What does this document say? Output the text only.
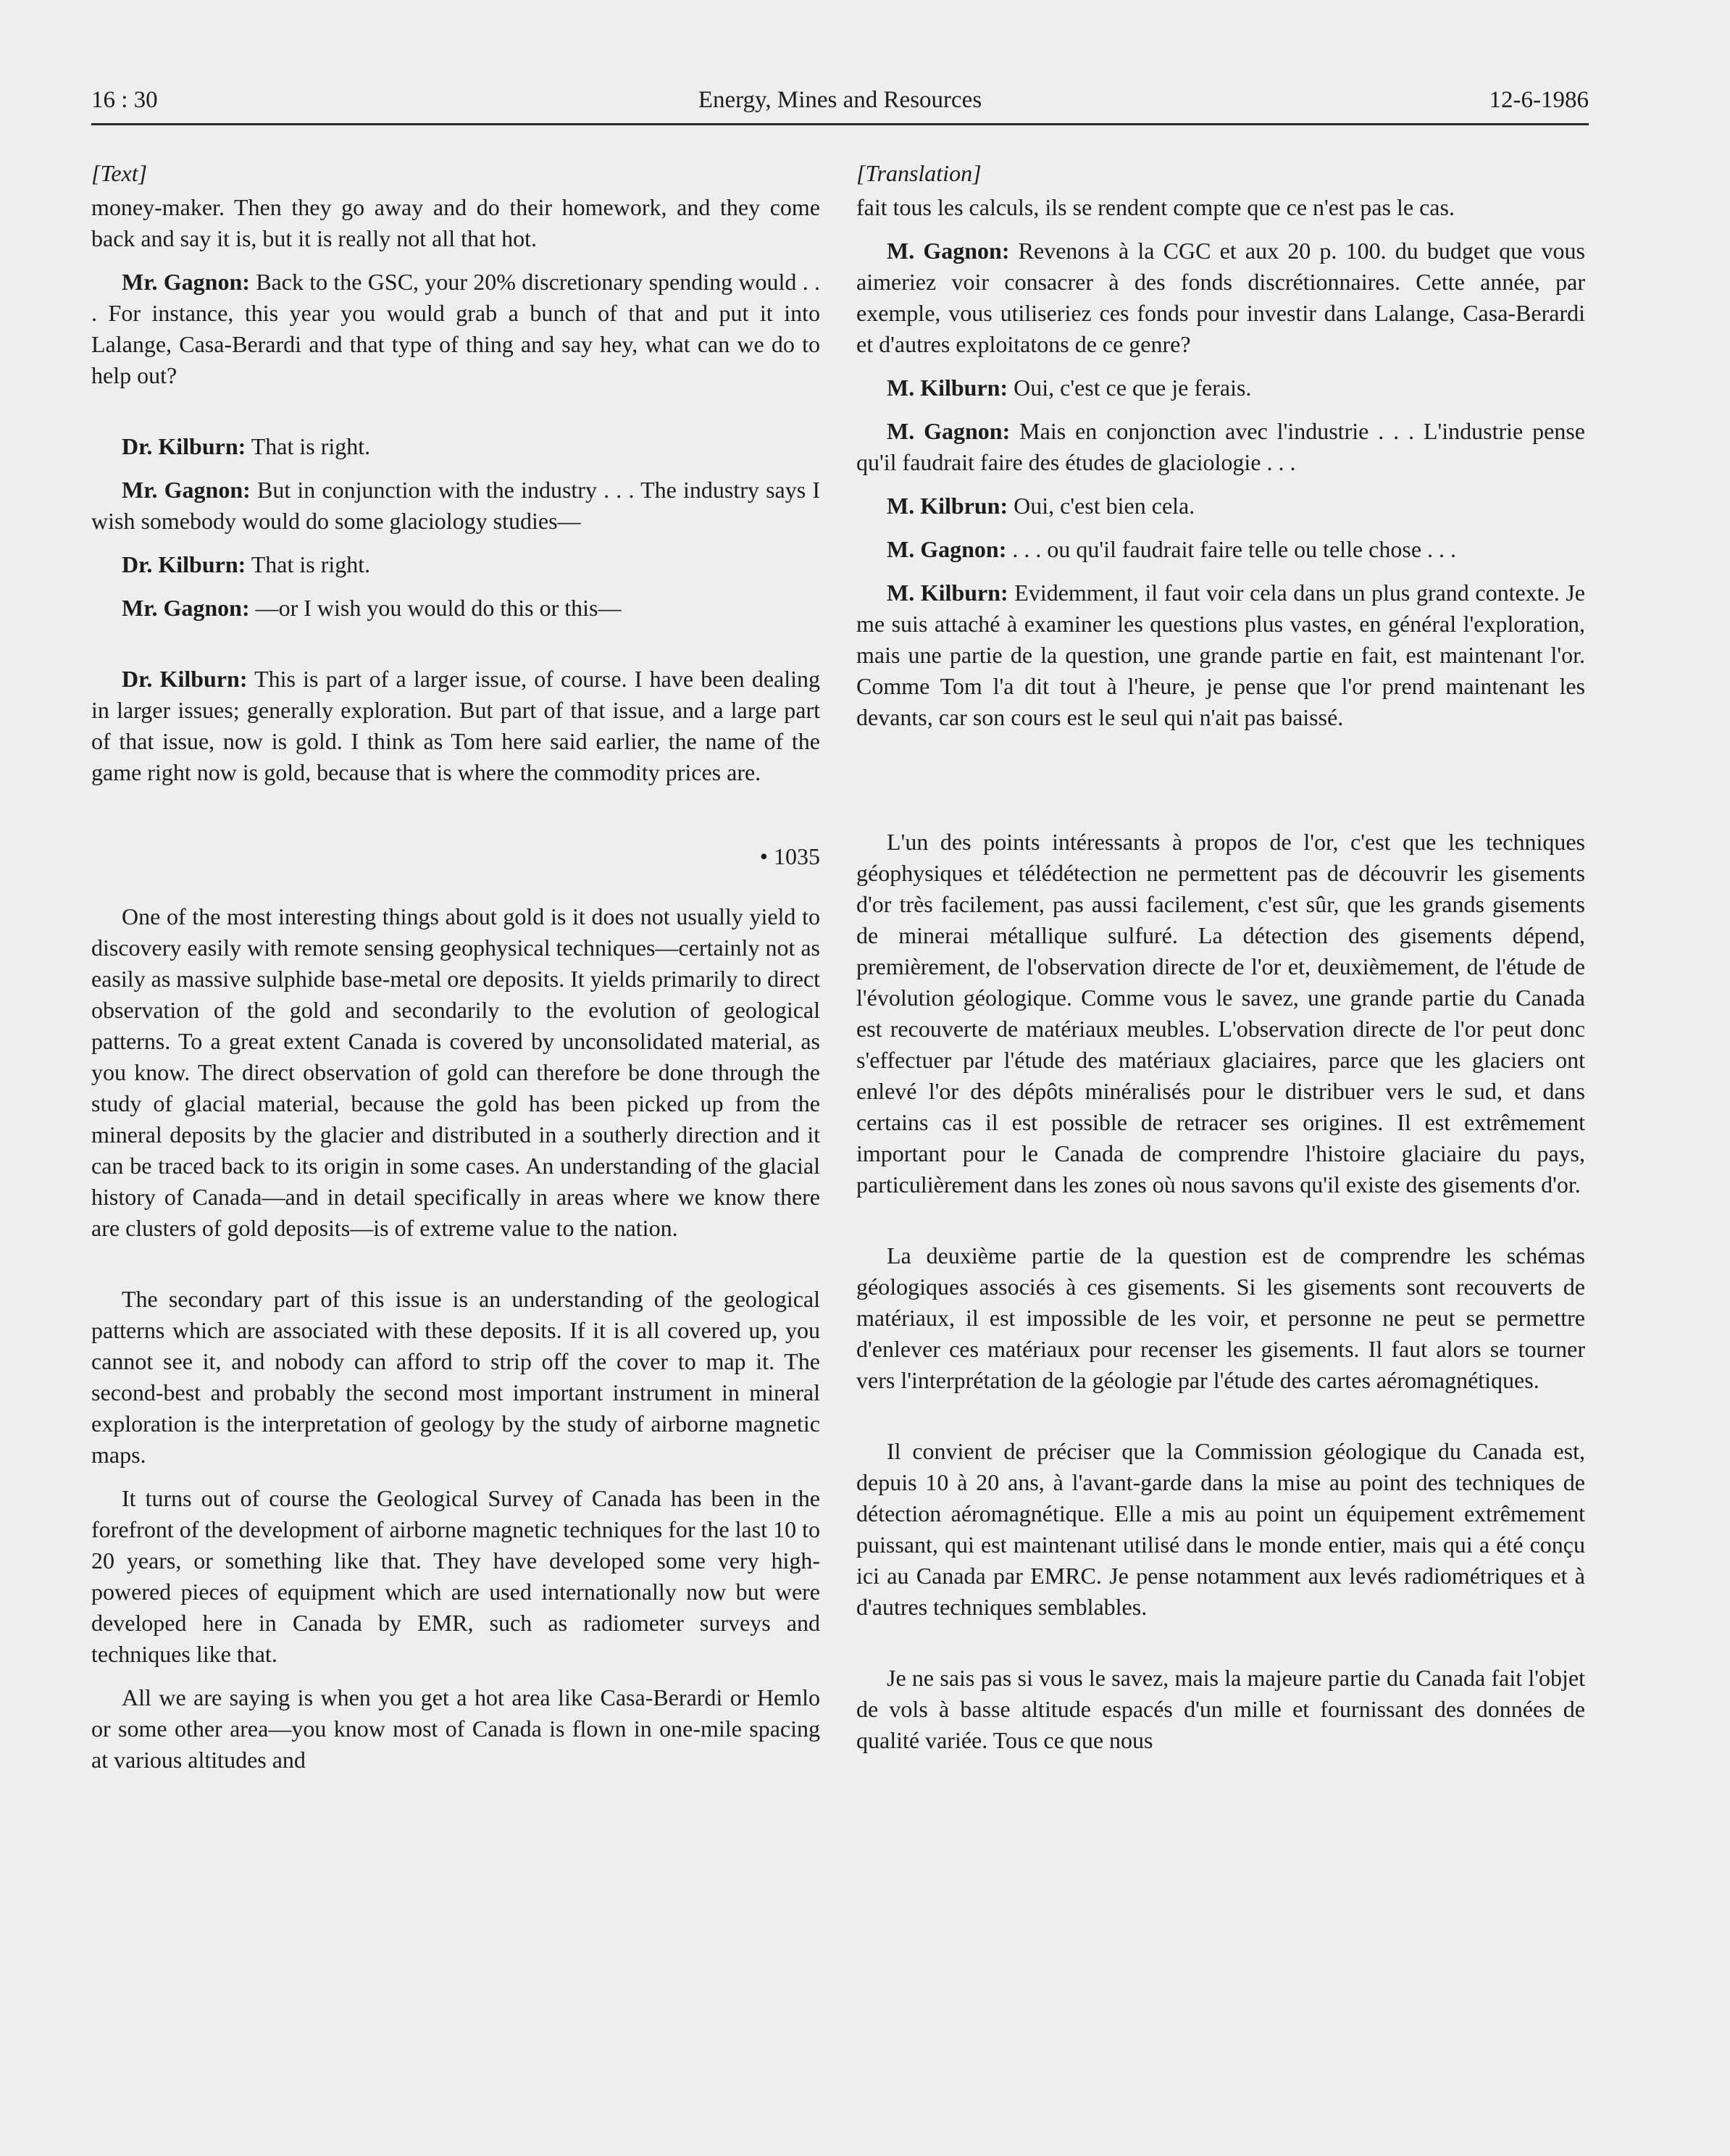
16 : 30	Energy, Mines and Resources	12-6-1986

[Text]

money-maker. Then they go away and do their homework, and they come back and say it is, but it is really not all that hot.

Mr. Gagnon: Back to the GSC, your 20% discretionary spending would . . . For instance, this year you would grab a bunch of that and put it into Lalange, Casa-Berardi and that type of thing and say hey, what can we do to help out?

Dr. Kilburn: That is right.

Mr. Gagnon: But in conjunction with the industry . . . The industry says I wish somebody would do some glaciology studies—

Dr. Kilburn: That is right.

Mr. Gagnon: —or I wish you would do this or this—

Dr. Kilburn: This is part of a larger issue, of course. I have been dealing in larger issues; generally exploration. But part of that issue, and a large part of that issue, now is gold. I think as Tom here said earlier, the name of the game right now is gold, because that is where the commodity prices are.

• 1035

One of the most interesting things about gold is it does not usually yield to discovery easily with remote sensing geophysical techniques—certainly not as easily as massive sulphide base-metal ore deposits. It yields primarily to direct observation of the gold and secondarily to the evolution of geological patterns. To a great extent Canada is covered by unconsolidated material, as you know. The direct observation of gold can therefore be done through the study of glacial material, because the gold has been picked up from the mineral deposits by the glacier and distributed in a southerly direction and it can be traced back to its origin in some cases. An understanding of the glacial history of Canada—and in detail specifically in areas where we know there are clusters of gold deposits—is of extreme value to the nation.

The secondary part of this issue is an understanding of the geological patterns which are associated with these deposits. If it is all covered up, you cannot see it, and nobody can afford to strip off the cover to map it. The second-best and probably the second most important instrument in mineral exploration is the interpretation of geology by the study of airborne magnetic maps.

It turns out of course the Geological Survey of Canada has been in the forefront of the development of airborne magnetic techniques for the last 10 to 20 years, or something like that. They have developed some very high-powered pieces of equipment which are used internationally now but were developed here in Canada by EMR, such as radiometer surveys and techniques like that.

All we are saying is when you get a hot area like Casa-Berardi or Hemlo or some other area—you know most of Canada is flown in one-mile spacing at various altitudes and

[Translation]

fait tous les calculs, ils se rendent compte que ce n'est pas le cas.

M. Gagnon: Revenons à la CGC et aux 20 p. 100. du budget que vous aimeriez voir consacrer à des fonds discrétionnaires. Cette année, par exemple, vous utiliseriez ces fonds pour investir dans Lalange, Casa-Berardi et d'autres exploitatons de ce genre?

M. Kilburn: Oui, c'est ce que je ferais.

M. Gagnon: Mais en conjonction avec l'industrie . . . L'industrie pense qu'il faudrait faire des études de glaciologie . . .

M. Kilbrun: Oui, c'est bien cela.

M. Gagnon: . . . ou qu'il faudrait faire telle ou telle chose . . .

M. Kilburn: Evidemment, il faut voir cela dans un plus grand contexte. Je me suis attaché à examiner les questions plus vastes, en général l'exploration, mais une partie de la question, une grande partie en fait, est maintenant l'or. Comme Tom l'a dit tout à l'heure, je pense que l'or prend maintenant les devants, car son cours est le seul qui n'ait pas baissé.

L'un des points intéressants à propos de l'or, c'est que les techniques géophysiques et télédétection ne permettent pas de découvrir les gisements d'or très facilement, pas aussi facilement, c'est sûr, que les grands gisements de minerai métallique sulfuré. La détection des gisements dépend, premièrement, de l'observation directe de l'or et, deuxièmement, de l'étude de l'évolution géologique. Comme vous le savez, une grande partie du Canada est recouverte de matériaux meubles. L'observation directe de l'or peut donc s'effectuer par l'étude des matériaux glaciaires, parce que les glaciers ont enlevé l'or des dépôts minéralisés pour le distribuer vers le sud, et dans certains cas il est possible de retracer ses origines. Il est extrêmement important pour le Canada de comprendre l'histoire glaciaire du pays, particulièrement dans les zones où nous savons qu'il existe des gisements d'or.

La deuxième partie de la question est de comprendre les schémas géologiques associés à ces gisements. Si les gisements sont recouverts de matériaux, il est impossible de les voir, et personne ne peut se permettre d'enlever ces matériaux pour recenser les gisements. Il faut alors se tourner vers l'interprétation de la géologie par l'étude des cartes aéromagnétiques.

Il convient de préciser que la Commission géologique du Canada est, depuis 10 à 20 ans, à l'avant-garde dans la mise au point des techniques de détection aéromagnétique. Elle a mis au point un équipement extrêmement puissant, qui est maintenant utilisé dans le monde entier, mais qui a été conçu ici au Canada par EMRC. Je pense notamment aux levés radiométriques et à d'autres techniques semblables.

Je ne sais pas si vous le savez, mais la majeure partie du Canada fait l'objet de vols à basse altitude espacés d'un mille et fournissant des données de qualité variée. Tous ce que nous
